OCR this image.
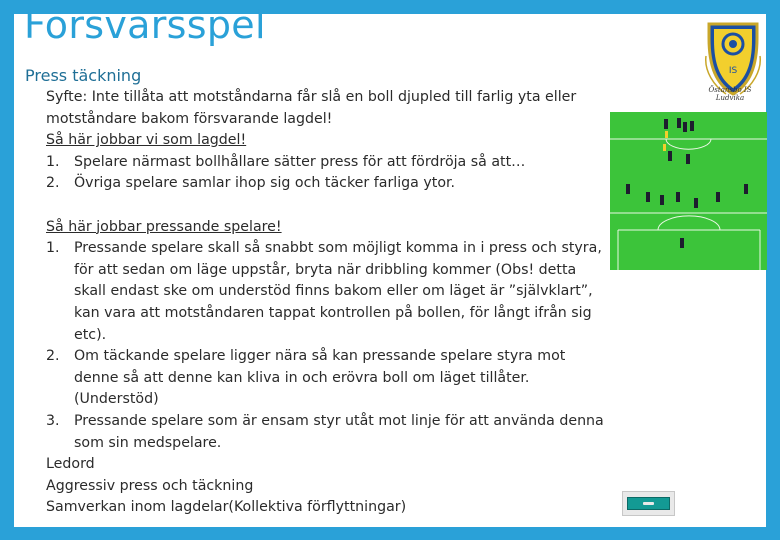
Försvarsspel
Press täckning
Syfte: Inte tillåta att motståndarna får slå en boll djupled till farlig yta eller
motståndare bakom försvarande lagdel!
Så här jobbar vi som lagdel!
1. Spelare närmast bollhållare sätter press för att fördröja så att…
2. Övriga spelare samlar ihop sig och täcker farliga ytor.
Så här jobbar pressande spelare!
1. Pressande spelare skall så snabbt som möjligt komma in i press och styra, för att sedan om läge uppstår, bryta när dribbling kommer (Obs! detta skall endast ske om understöd finns bakom eller om läget är ”självklart”, kan vara att motståndaren tappat kontrollen på bollen, för långt ifrån sig etc).
2. Om täckande spelare ligger nära så kan pressande spelare styra mot denne så att denne kan kliva in och erövra boll om läget tillåter. (Understöd)
3. Pressande spelare som är ensam styr utåt mot linje för att använda denna som sin medspelare.
Ledord
Aggressiv press och täckning
Samverkan inom lagdelar(Kollektiva förflyttningar)
IS
Östansbo IS
Ludvika
